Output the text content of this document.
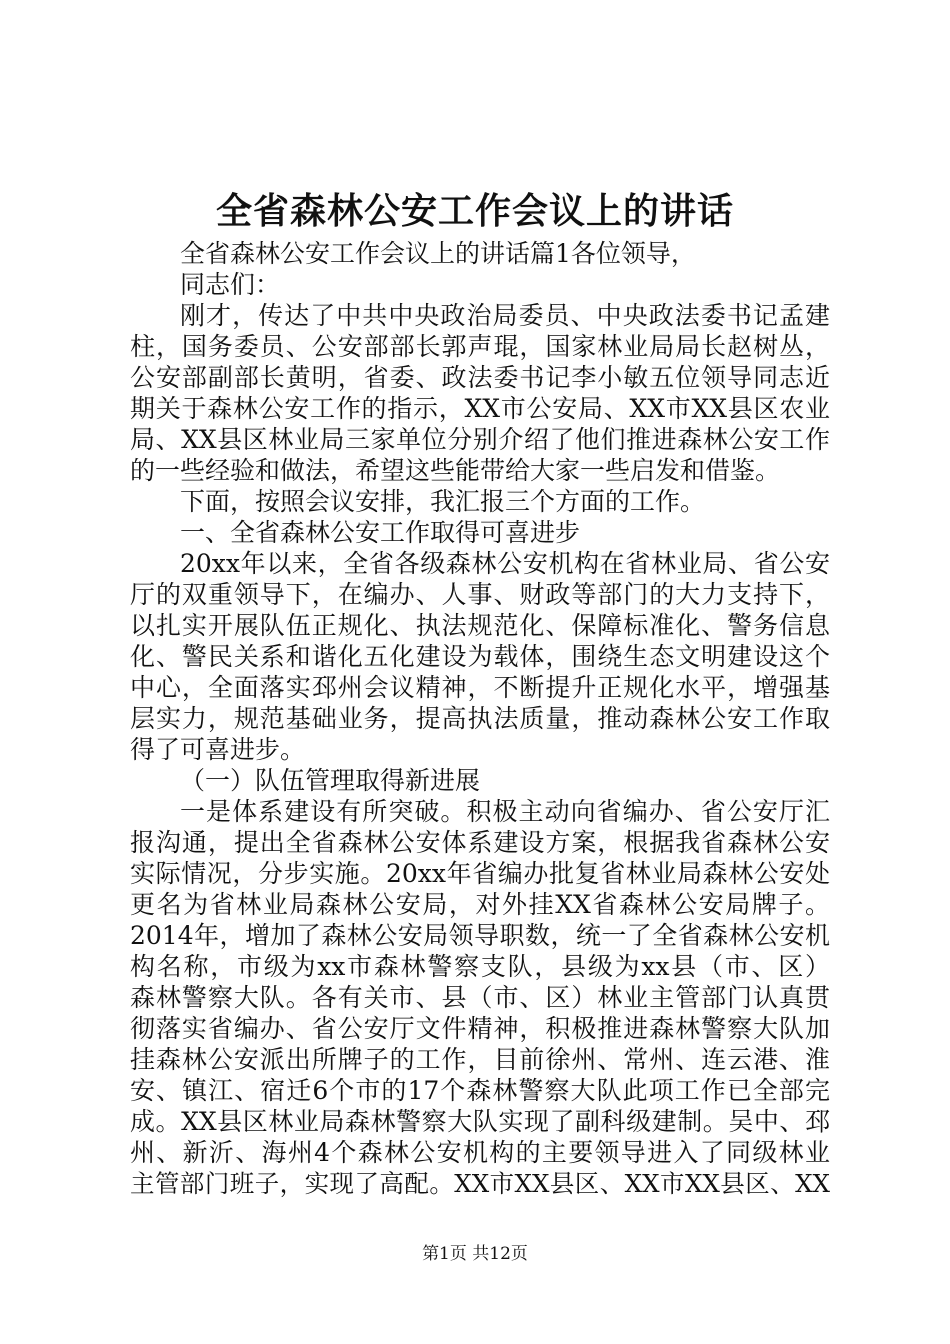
全省森林公安工作会议上的讲话

全省森林公安工作会议上的讲话篇1各位领导，

同志们：

刚才，传达了中共中央政治局委员、中央政法委书记孟建

柱，国务委员、公安部部长郭声琨，国家林业局局长赵树丛，

公安部副部长黄明，省委、政法委书记李小敏五位领导同志近

期关于森林公安工作的指示，XX市公安局、XX市XX县区农业

局、XX县区林业局三家单位分别介绍了他们推进森林公安工作

的一些经验和做法，希望这些能带给大家一些启发和借鉴。

下面，按照会议安排，我汇报三个方面的工作。

一、全省森林公安工作取得可喜进步

20xx年以来，全省各级森林公安机构在省林业局、省公安

厅的双重领导下，在编办、人事、财政等部门的大力支持下，

以扎实开展队伍正规化、执法规范化、保障标准化、警务信息

化、警民关系和谐化五化建设为载体，围绕生态文明建设这个

中心，全面落实邳州会议精神，不断提升正规化水平，增强基

层实力，规范基础业务，提高执法质量，推动森林公安工作取

得了可喜进步。

（一）队伍管理取得新进展

一是体系建设有所突破。积极主动向省编办、省公安厅汇

报沟通，提出全省森林公安体系建设方案，根据我省森林公安

实际情况，分步实施。20xx年省编办批复省林业局森林公安处

更名为省林业局森林公安局，对外挂XX省森林公安局牌子。

2014年，增加了森林公安局领导职数，统一了全省森林公安机

构名称，市级为xx市森林警察支队，县级为xx县（市、区）

森林警察大队。各有关市、县（市、区）林业主管部门认真贯

彻落实省编办、省公安厅文件精神，积极推进森林警察大队加

挂森林公安派出所牌子的工作，目前徐州、常州、连云港、淮

安、镇江、宿迁6个市的17个森林警察大队此项工作已全部完

成。XX县区林业局森林警察大队实现了副科级建制。吴中、邳

州、新沂、海州4个森林公安机构的主要领导进入了同级林业

主管部门班子，实现了高配。XX市XX县区、XX市XX县区、XX

第1页 共12页
